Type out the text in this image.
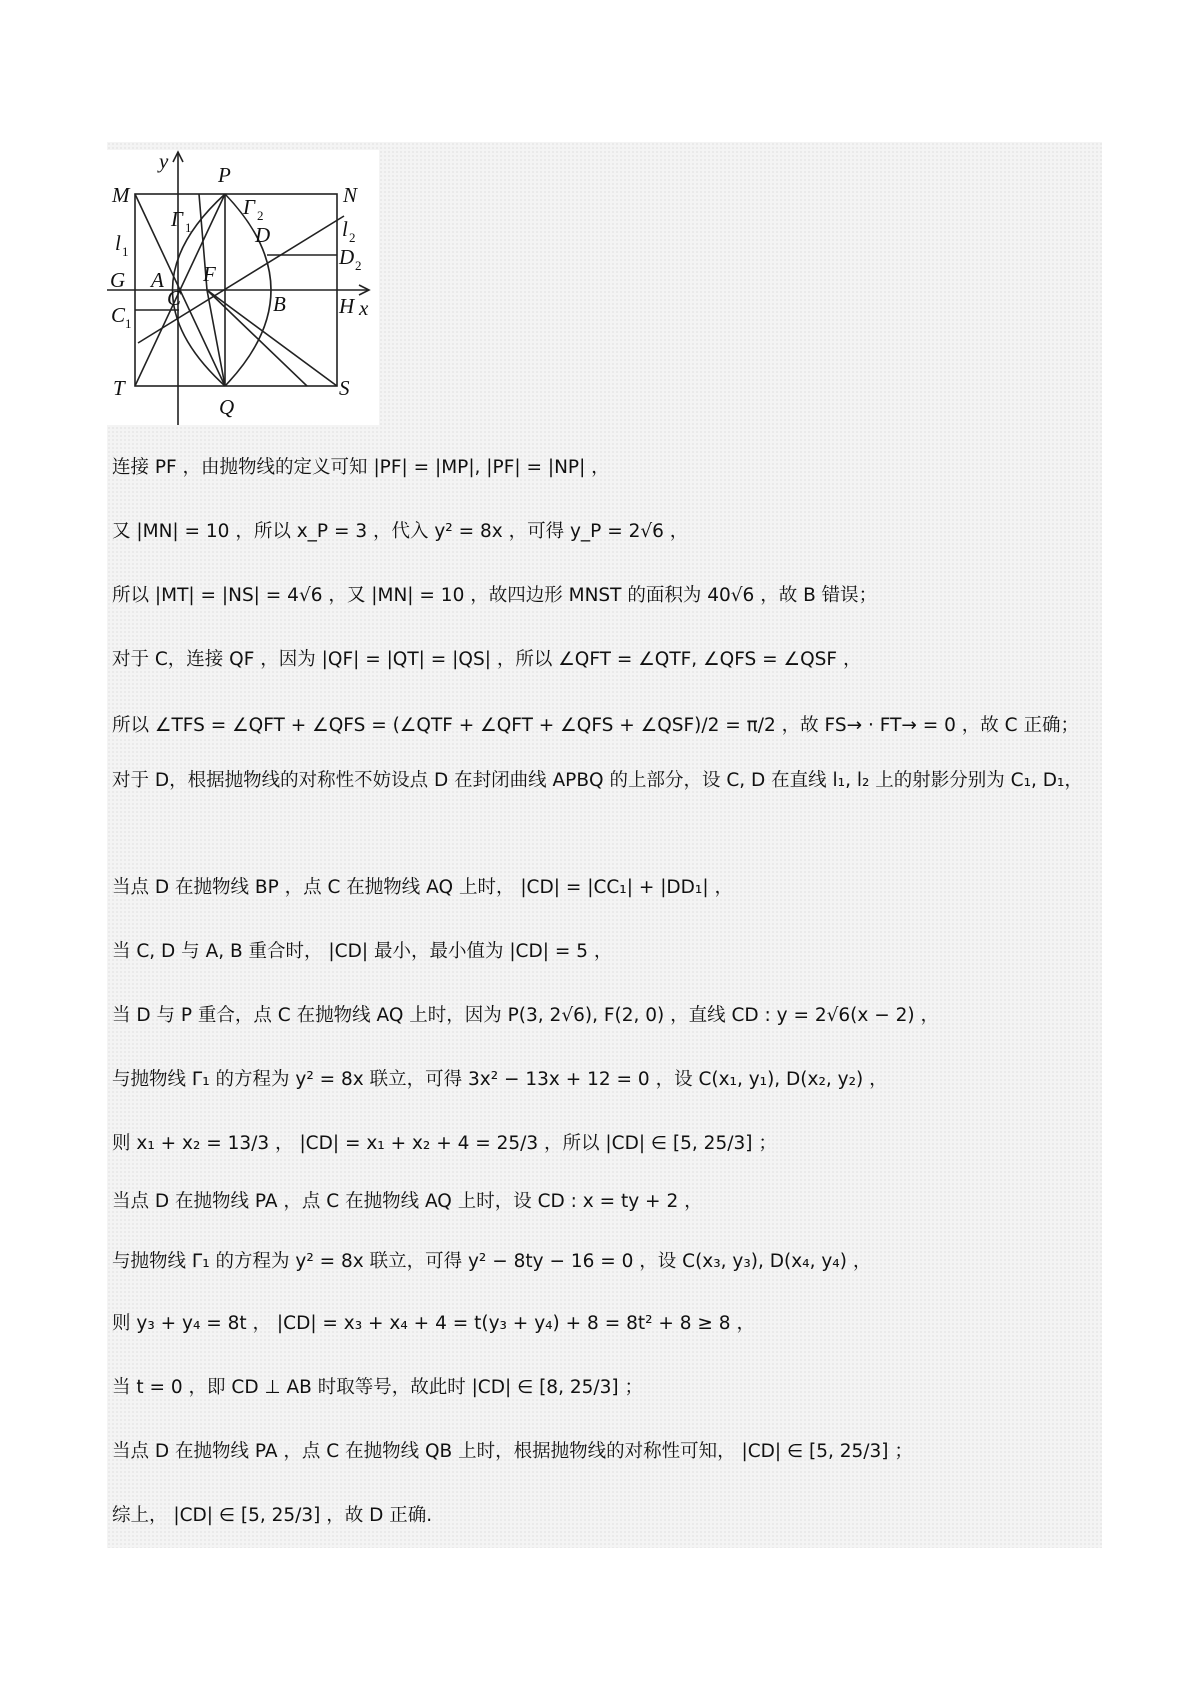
y
x
M
P
N
Γ 1
Γ 2
D
l 1
l 2
G A F
D 2
C	H
B
C 1
T
Q
S
连接 PF ，由抛物线的定义可知 |PF| = |MP|, |PF| = |NP| ，
又 |MN| = 10 ，所以 x_P = 3 ，代入 y² = 8x ，可得 y_P = 2√6 ，
所以 |MT| = |NS| = 4√6 ，又 |MN| = 10 ，故四边形 MNST 的面积为 40√6 ，故 B 错误；
对于 C，连接 QF ，因为 |QF| = |QT| = |QS| ，所以 ∠QFT = ∠QTF, ∠QFS = ∠QSF ，
所以 ∠TFS = ∠QFT + ∠QFS = (∠QTF + ∠QFT + ∠QFS + ∠QSF)/2 = π/2 ，故 FS→ · FT→ = 0 ，故 C 正确；
对于 D，根据抛物线的对称性不妨设点 D 在封闭曲线 APBQ 的上部分，设 C, D 在直线 l₁, l₂ 上的射影分别为 C₁, D₁，
当点 D 在抛物线 BP ，点 C 在抛物线 AQ 上时， |CD| = |CC₁| + |DD₁| ，
当 C, D 与 A, B 重合时， |CD| 最小，最小值为 |CD| = 5 ，
当 D 与 P 重合，点 C 在抛物线 AQ 上时，因为 P(3, 2√6), F(2, 0) ，直线 CD : y = 2√6(x − 2) ，
与抛物线 Γ₁ 的方程为 y² = 8x 联立，可得 3x² − 13x + 12 = 0 ，设 C(x₁, y₁), D(x₂, y₂) ，
则 x₁ + x₂ = 13/3 ， |CD| = x₁ + x₂ + 4 = 25/3 ，所以 |CD| ∈ [5, 25/3] ；
当点 D 在抛物线 PA ，点 C 在抛物线 AQ 上时，设 CD : x = ty + 2 ，
与抛物线 Γ₁ 的方程为 y² = 8x 联立，可得 y² − 8ty − 16 = 0 ，设 C(x₃, y₃), D(x₄, y₄) ，
则 y₃ + y₄ = 8t ， |CD| = x₃ + x₄ + 4 = t(y₃ + y₄) + 8 = 8t² + 8 ≥ 8 ，
当 t = 0 ，即 CD ⊥ AB 时取等号，故此时 |CD| ∈ [8, 25/3] ；
当点 D 在抛物线 PA ，点 C 在抛物线 QB 上时，根据抛物线的对称性可知， |CD| ∈ [5, 25/3] ；
综上， |CD| ∈ [5, 25/3] ，故 D 正确.
